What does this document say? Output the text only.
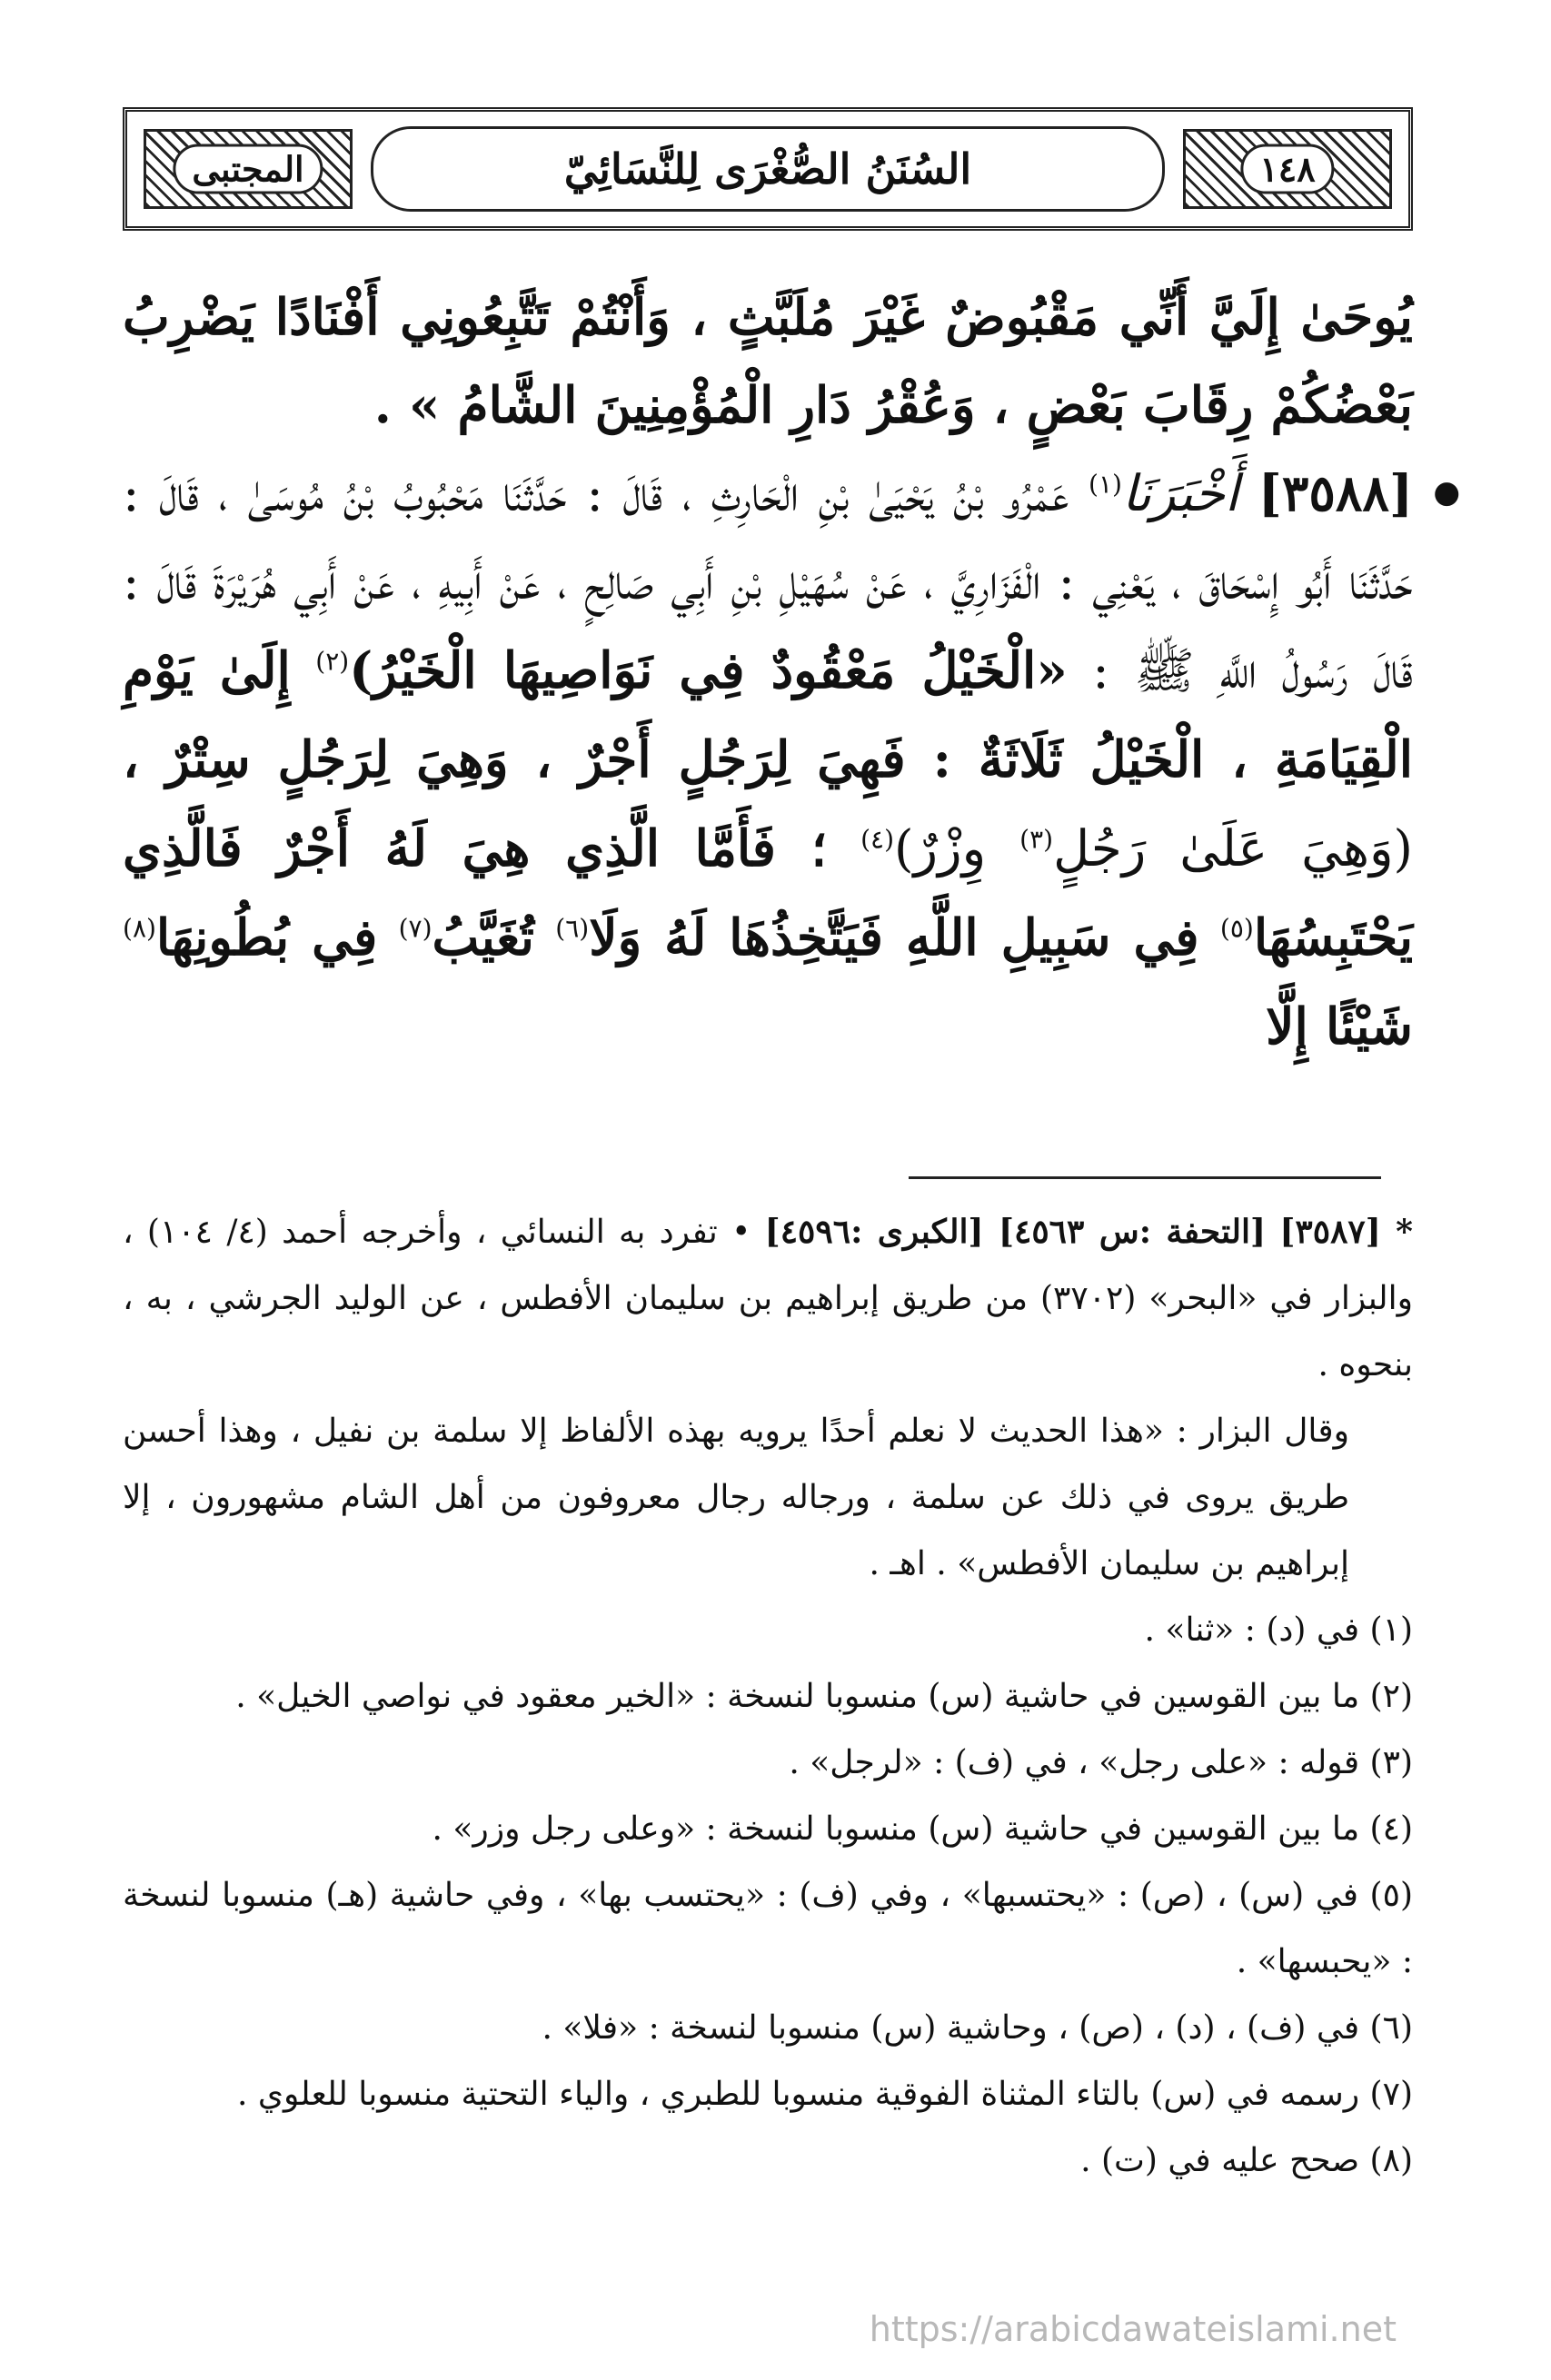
المجتبى	السُنَنُ الصُّغْرَى لِلنَّسَائِيّ	١٤٨

يُوحَىٰ إِلَيَّ أَنِّي مَقْبُوضٌ غَيْرَ مُلَبَّثٍ ، وَأَنْتُمْ تَتَّبِعُونِي أَفْنَادًا يَضْرِبُ بَعْضُكُمْ رِقَابَ بَعْضٍ ، وَعُقْرُ دَارِ الْمُؤْمِنِينَ الشَّامُ » .

●
[٣٥٨٨] أَخْبَرَنَا$^{(١)}$ عَمْرُو بْنُ يَحْيَىٰ بْنِ الْحَارِثِ ، قَالَ : حَدَّثَنَا مَحْبُوبُ بْنُ مُوسَىٰ ، قَالَ : حَدَّثَنَا أَبُو إِسْحَاقَ ، يَعْنِي : الْفَزَارِيَّ ، عَنْ سُهَيْلِ بْنِ أَبِي صَالِحٍ ، عَنْ أَبِيهِ ، عَنْ أَبِي هُرَيْرَةَ قَالَ : قَالَ رَسُولُ اللَّهِ ﷺ : «الْخَيْلُ مَعْقُودٌ فِي نَوَاصِيهَا الْخَيْرُ)$^{(٢)}$ إِلَىٰ يَوْمِ الْقِيَامَةِ ، الْخَيْلُ ثَلَاثَةٌ : فَهِيَ لِرَجُلٍ أَجْرٌ ، وَهِيَ لِرَجُلٍ سِتْرٌ ، (وَهِيَ عَلَىٰ رَجُلٍ$^{(٣)}$ وِزْرٌ)$^{(٤)}$ ؛ فَأَمَّا الَّذِي هِيَ لَهُ أَجْرٌ فَالَّذِي يَحْتَبِسُهَا$^{(٥)}$ فِي سَبِيلِ اللَّهِ فَيَتَّخِذُهَا لَهُ وَلَا$^{(٦)}$ تُغَيَّبُ$^{(٧)}$ فِي بُطُونِهَا$^{(٨)}$ شَيْئًا إِلَّا

* [٣٥٨٧] [التحفة :س ٤٥٦٣] [الكبرى :٤٥٩٦] • تفرد به النسائي ، وأخرجه أحمد (٤/ ١٠٤) ، والبزار في «البحر» (٣٧٠٢) من طريق إبراهيم بن سليمان الأفطس ، عن الوليد الجرشي ، به ، بنحوه .

وقال البزار : «هذا الحديث لا نعلم أحدًا يرويه بهذه الألفاظ إلا سلمة بن نفيل ، وهذا أحسن طريق يروى في ذلك عن سلمة ، ورجاله رجال معروفون من أهل الشام مشهورون ، إلا إبراهيم بن سليمان الأفطس» . اهـ .

(١) في (د) : «ثنا» .

(٢) ما بين القوسين في حاشية (س) منسوبا لنسخة : «الخير معقود في نواصي الخيل» .

(٣) قوله : «على رجل» ، في (ف) : «لرجل» .

(٤) ما بين القوسين في حاشية (س) منسوبا لنسخة : «وعلى رجل وزر» .

(٥) في (س) ، (ص) : «يحتسبها» ، وفي (ف) : «يحتسب بها» ، وفي حاشية (هـ) منسوبا لنسخة : «يحبسها» .

(٦) في (ف) ، (د) ، (ص) ، وحاشية (س) منسوبا لنسخة : «فلا» .

(٧) رسمه في (س) بالتاء المثناة الفوقية منسوبا للطبري ، والياء التحتية منسوبا للعلوي .

(٨) صحح عليه في (ت) .

https://arabicdawateislami.net
